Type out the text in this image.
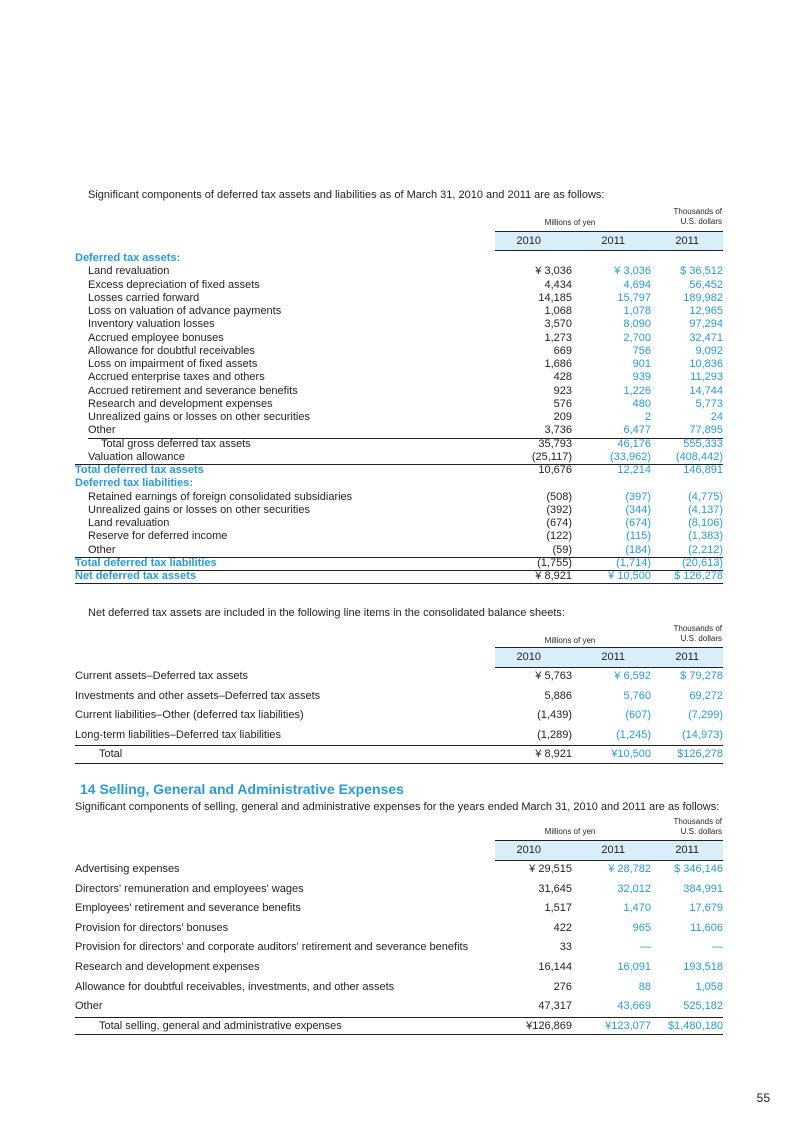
Significant components of deferred tax assets and liabilities as of March 31, 2010 and 2011 are as follows:
Millions of yen
Thousands of
U.S. dollars
2010	2011	2011
Deferred tax assets:
Land revaluation	¥ 3,036	¥ 3,036	$ 36,512
Excess depreciation of fixed assets	4,434	4,694	56,452
Losses carried forward	14,185	15,797	189,982
Loss on valuation of advance payments	1,068	1,078	12,965
Inventory valuation losses	3,570	8,090	97,294
Accrued employee bonuses	1,273	2,700	32,471
Allowance for doubtful receivables	669	756	9,092
Loss on impairment of fixed assets	1,686	901	10,836
Accrued enterprise taxes and others	428	939	11,293
Accrued retirement and severance benefits	923	1,226	14,744
Research and development expenses	576	480	5,773
Unrealized gains or losses on other securities	209	2	24
Other	3,736	6,477	77,895
Total gross deferred tax assets	35,793	46,176	555,333
Valuation allowance	(25,117)	(33,962)	(408,442)
Total deferred tax assets	10,676	12,214	146,891
Deferred tax liabilities:
Retained earnings of foreign consolidated subsidiaries	(508)	(397)	(4,775)
Unrealized gains or losses on other securities	(392)	(344)	(4,137)
Land revaluation	(674)	(674)	(8,106)
Reserve for deferred income	(122)	(115)	(1,383)
Other	(59)	(184)	(2,212)
Total deferred tax liabilities	(1,755)	(1,714)	(20,613)
Net deferred tax assets	¥ 8,921	¥ 10,500	$ 126,278
Net deferred tax assets are included in the following line items in the consolidated balance sheets:
Millions of yen
Thousands of
U.S. dollars
2010	2011	2011
Current assets–Deferred tax assets	¥ 5,763	¥ 6,592	$ 79,278
Investments and other assets–Deferred tax assets	5,886	5,760	69,272
Current liabilities–Other (deferred tax liabilities)	(1,439)	(607)	(7,299)
Long-term liabilities–Deferred tax liabilities	(1,289)	(1,245)	(14,973)
Total	¥ 8,921	¥10,500	$126,278
14 Selling, General and Administrative Expenses
Significant components of selling, general and administrative expenses for the years ended March 31, 2010 and 2011 are as follows:
Millions of yen
Thousands of
U.S. dollars
2010	2011	2011
Advertising expenses	¥ 29,515	¥ 28,782	$ 346,146
Directors' remuneration and employees' wages	31,645	32,012	384,991
Employees' retirement and severance benefits	1,517	1,470	17,679
Provision for directors' bonuses	422	965	11,606
Provision for directors' and corporate auditors' retirement and severance benefits	33	—	—
Research and development expenses	16,144	16,091	193,518
Allowance for doubtful receivables, investments, and other assets	276	88	1,058
Other	47,317	43,669	525,182
Total selling, general and administrative expenses	¥126,869	¥123,077	$1,480,180
55
